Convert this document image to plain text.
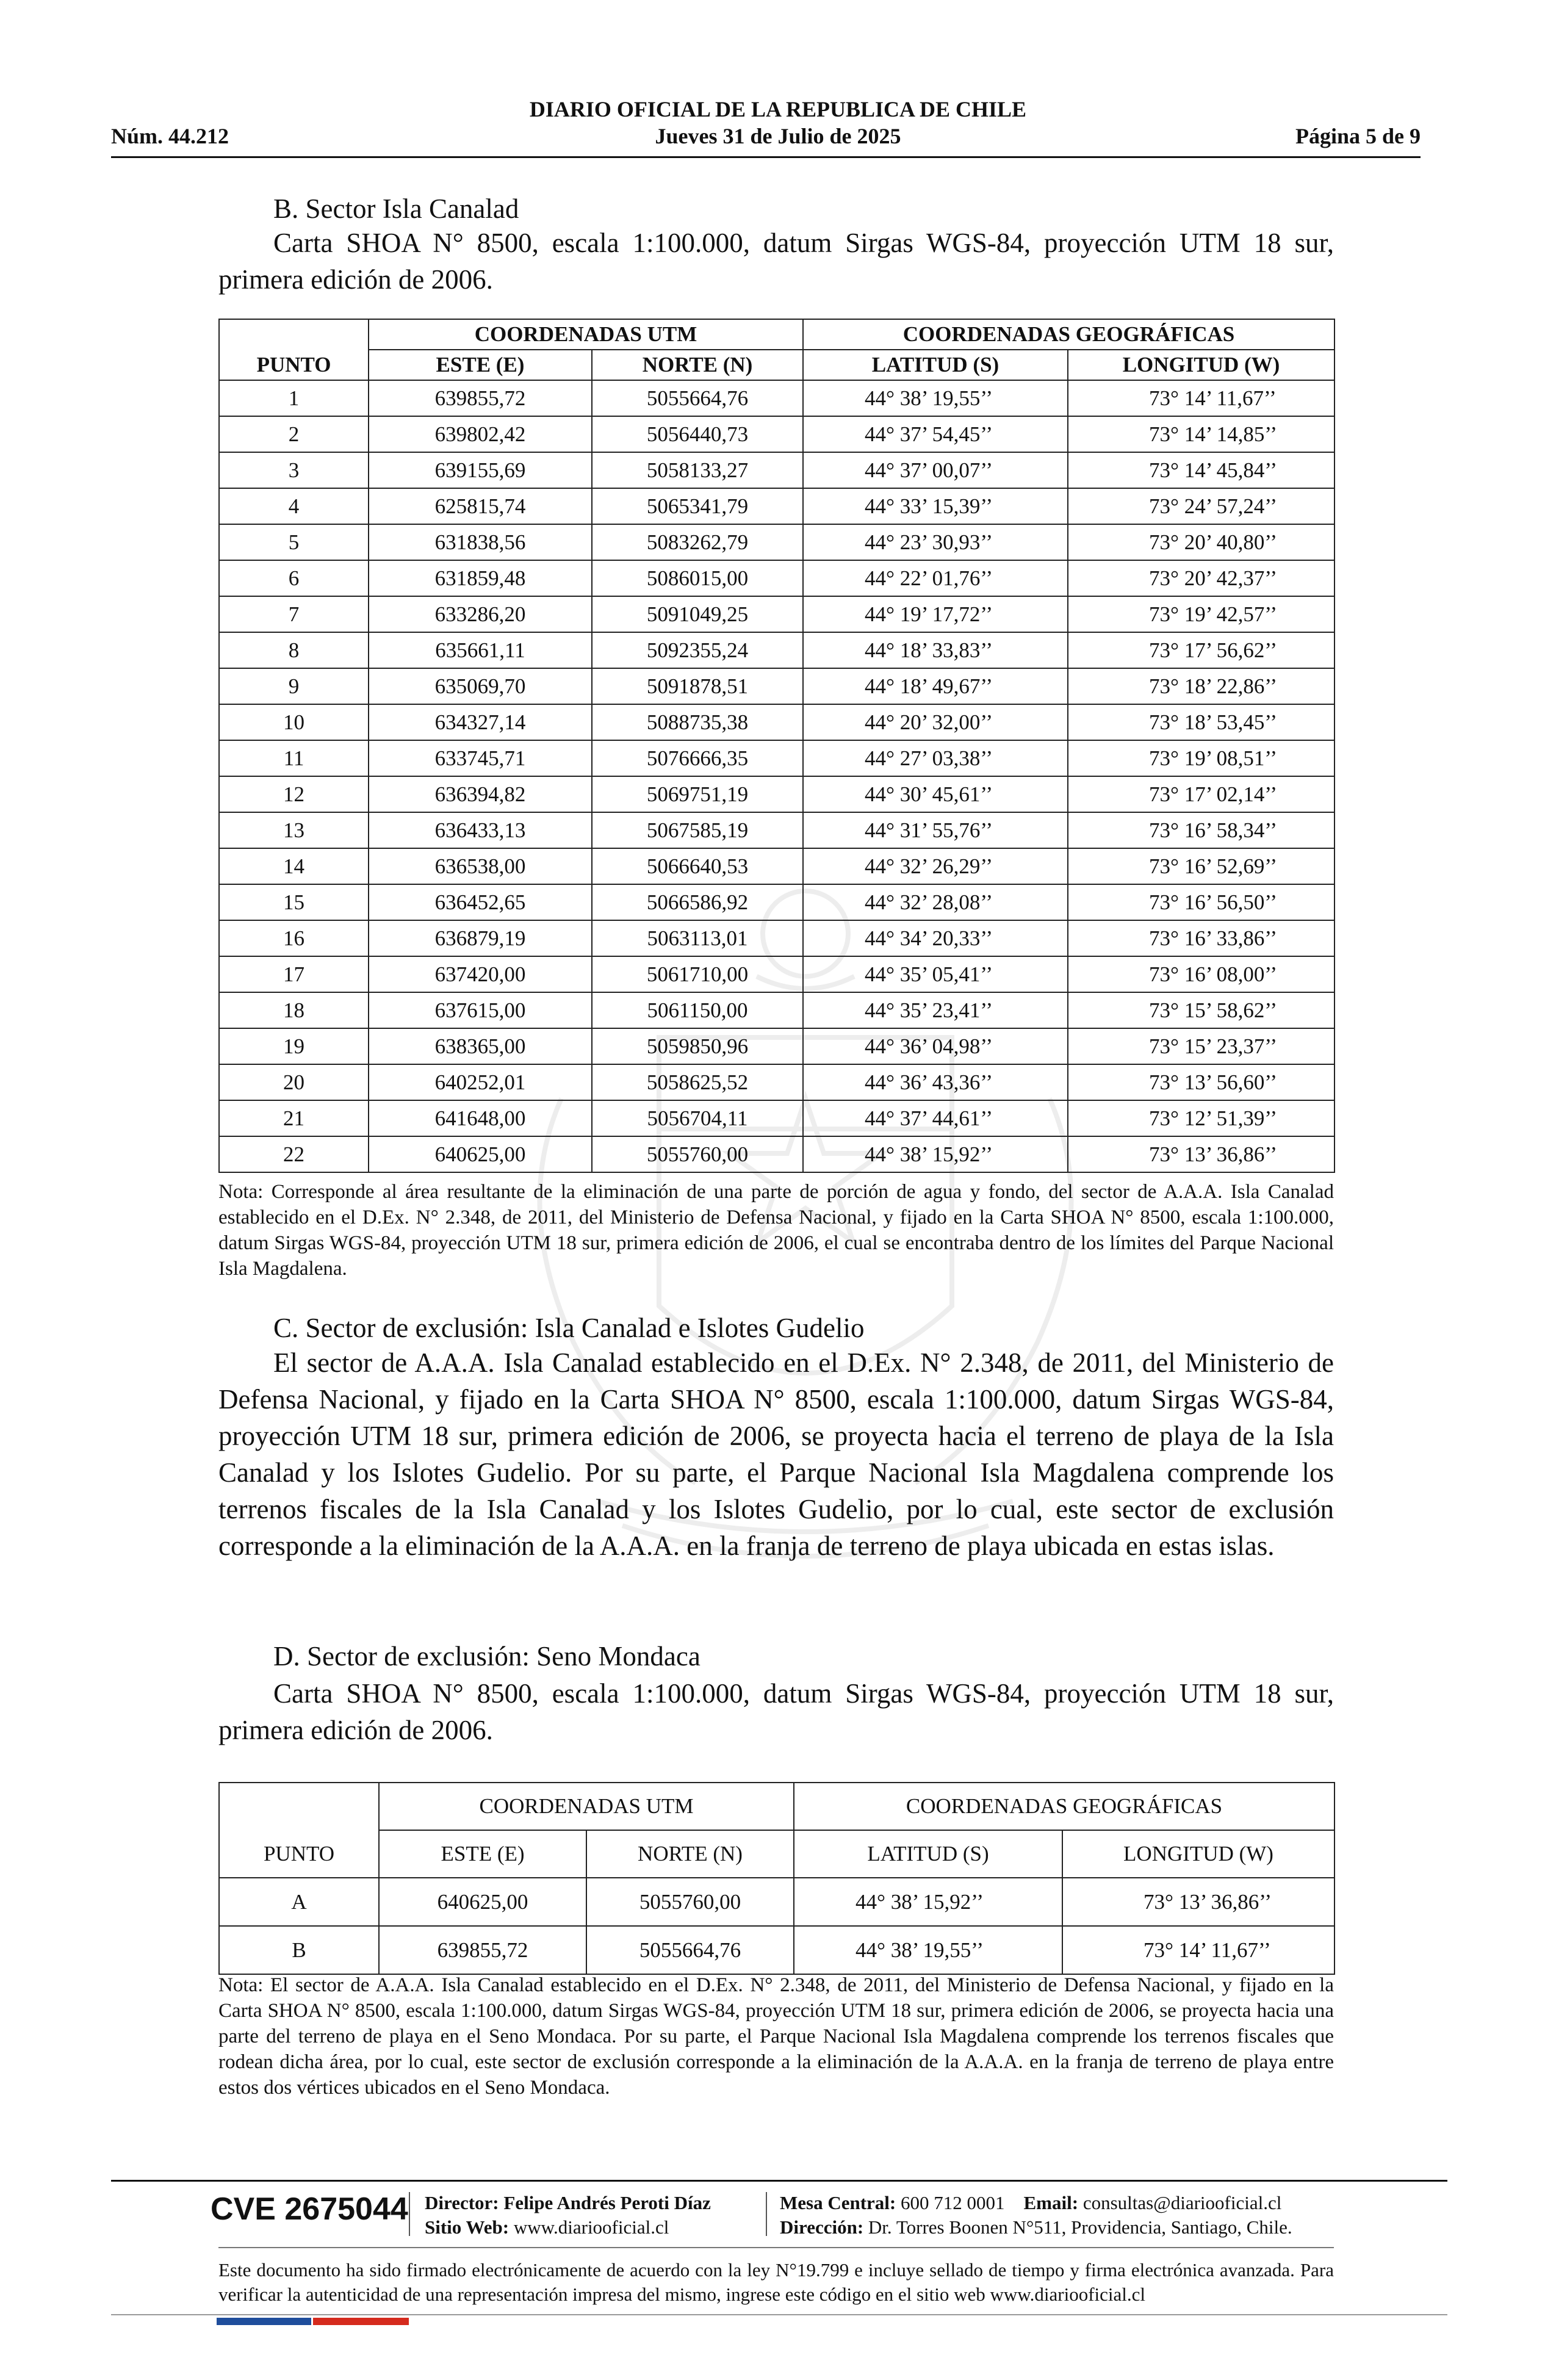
DIARIO OFICIAL DE LA REPUBLICA DE CHILE
Núm. 44.212	Jueves 31 de Julio de 2025	Página 5 de 9
B. Sector Isla Canalad

Carta SHOA N° 8500, escala 1:100.000, datum Sirgas WGS-84, proyección UTM 18 sur, primera edición de 2006.

	COORDENADAS UTM		COORDENADAS GEOGRÁFICAS	
PUNTO	ESTE (E)	NORTE (N)	LATITUD (S)	LONGITUD (W)
1	639855,72	5055664,76	44° 38’ 19,55’’	73° 14’ 11,67’’
2	639802,42	5056440,73	44° 37’ 54,45’’	73° 14’ 14,85’’
3	639155,69	5058133,27	44° 37’ 00,07’’	73° 14’ 45,84’’
4	625815,74	5065341,79	44° 33’ 15,39’’	73° 24’ 57,24’’
5	631838,56	5083262,79	44° 23’ 30,93’’	73° 20’ 40,80’’
6	631859,48	5086015,00	44° 22’ 01,76’’	73° 20’ 42,37’’
7	633286,20	5091049,25	44° 19’ 17,72’’	73° 19’ 42,57’’
8	635661,11	5092355,24	44° 18’ 33,83’’	73° 17’ 56,62’’
9	635069,70	5091878,51	44° 18’ 49,67’’	73° 18’ 22,86’’
10	634327,14	5088735,38	44° 20’ 32,00’’	73° 18’ 53,45’’
11	633745,71	5076666,35	44° 27’ 03,38’’	73° 19’ 08,51’’
12	636394,82	5069751,19	44° 30’ 45,61’’	73° 17’ 02,14’’
13	636433,13	5067585,19	44° 31’ 55,76’’	73° 16’ 58,34’’
14	636538,00	5066640,53	44° 32’ 26,29’’	73° 16’ 52,69’’
15	636452,65	5066586,92	44° 32’ 28,08’’	73° 16’ 56,50’’
16	636879,19	5063113,01	44° 34’ 20,33’’	73° 16’ 33,86’’
17	637420,00	5061710,00	44° 35’ 05,41’’	73° 16’ 08,00’’
18	637615,00	5061150,00	44° 35’ 23,41’’	73° 15’ 58,62’’
19	638365,00	5059850,96	44° 36’ 04,98’’	73° 15’ 23,37’’
20	640252,01	5058625,52	44° 36’ 43,36’’	73° 13’ 56,60’’
21	641648,00	5056704,11	44° 37’ 44,61’’	73° 12’ 51,39’’
22	640625,00	5055760,00	44° 38’ 15,92’’	73° 13’ 36,86’’

Nota: Corresponde al área resultante de la eliminación de una parte de porción de agua y fondo, del sector de A.A.A. Isla Canalad establecido en el D.Ex. N° 2.348, de 2011, del Ministerio de Defensa Nacional, y fijado en la Carta SHOA N° 8500, escala 1:100.000, datum Sirgas WGS-84, proyección UTM 18 sur, primera edición de 2006, el cual se encontraba dentro de los límites del Parque Nacional Isla Magdalena.

C. Sector de exclusión: Isla Canalad e Islotes Gudelio

El sector de A.A.A. Isla Canalad establecido en el D.Ex. N° 2.348, de 2011, del Ministerio de Defensa Nacional, y fijado en la Carta SHOA N° 8500, escala 1:100.000, datum Sirgas WGS-84, proyección UTM 18 sur, primera edición de 2006, se proyecta hacia el terreno de playa de la Isla Canalad y los Islotes Gudelio. Por su parte, el Parque Nacional Isla Magdalena comprende los terrenos fiscales de la Isla Canalad y los Islotes Gudelio, por lo cual, este sector de exclusión corresponde a la eliminación de la A.A.A. en la franja de terreno de playa ubicada en estas islas.

D. Sector de exclusión: Seno Mondaca

Carta SHOA N° 8500, escala 1:100.000, datum Sirgas WGS-84, proyección UTM 18 sur, primera edición de 2006.

	COORDENADAS UTM		COORDENADAS GEOGRÁFICAS	
PUNTO	ESTE (E)	NORTE (N)	LATITUD (S)	LONGITUD (W)
A	640625,00	5055760,00	44° 38’ 15,92’’	73° 13’ 36,86’’
B	639855,72	5055664,76	44° 38’ 19,55’’	73° 14’ 11,67’’

Nota: El sector de A.A.A. Isla Canalad establecido en el D.Ex. N° 2.348, de 2011, del Ministerio de Defensa Nacional, y fijado en la Carta SHOA N° 8500, escala 1:100.000, datum Sirgas WGS-84, proyección UTM 18 sur, primera edición de 2006, se proyecta hacia una parte del terreno de playa en el Seno Mondaca. Por su parte, el Parque Nacional Isla Magdalena comprende los terrenos fiscales que rodean dicha área, por lo cual, este sector de exclusión corresponde a la eliminación de la A.A.A. en la franja de terreno de playa entre estos dos vértices ubicados en el Seno Mondaca.

CVE 2675044 Director: Felipe Andrés Peroti Díaz
Sitio Web: www.diariooficial.cl
Mesa Central: 600 712 0001 Email: consultas@diariooficial.cl
Dirección: Dr. Torres Boonen N°511, Providencia, Santiago, Chile.

Este documento ha sido firmado electrónicamente de acuerdo con la ley N°19.799 e incluye sellado de tiempo y firma electrónica avanzada. Para verificar la autenticidad de una representación impresa del mismo, ingrese este código en el sitio web www.diariooficial.cl
